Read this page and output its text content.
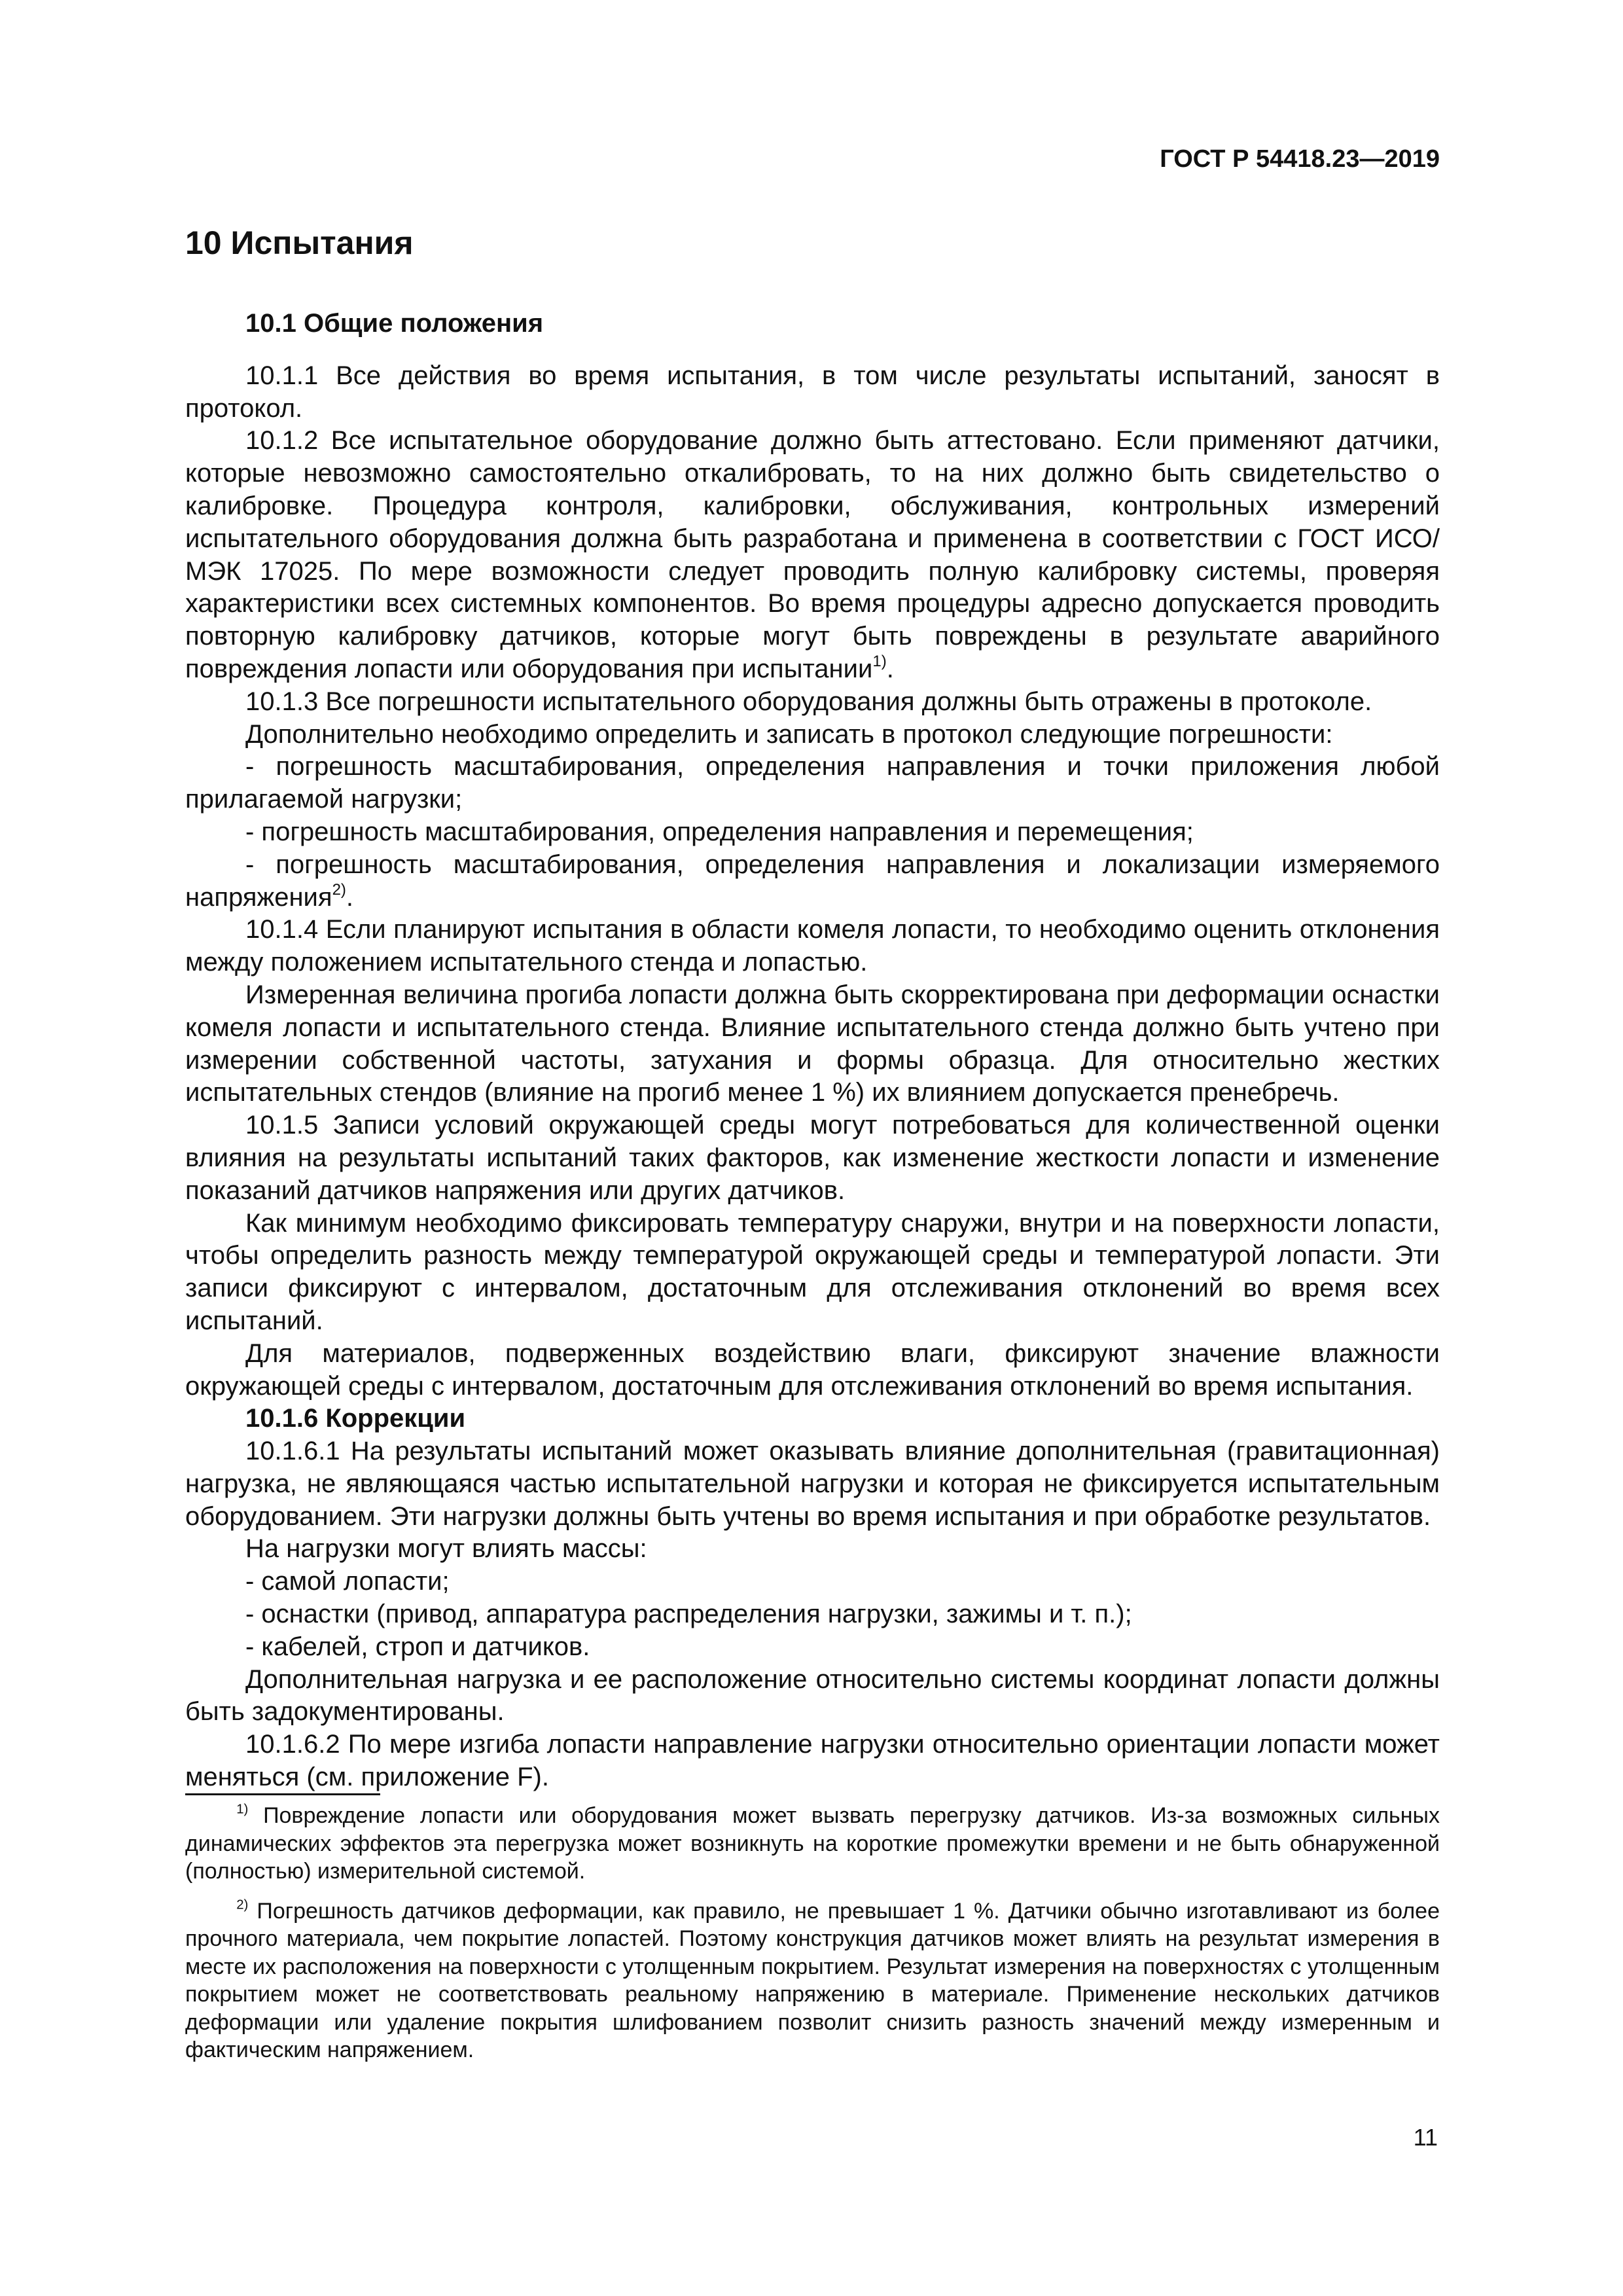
ГОСТ Р 54418.23—2019
10 Испытания

10.1 Общие положения

10.1.1 Все действия во время испытания, в том числе результаты испытаний, заносят в протокол.

10.1.2 Все испытательное оборудование должно быть аттестовано. Если применяют датчики, которые невозможно самостоятельно откалибровать, то на них должно быть свидетельство о калибровке. Процедура контроля, калибровки, обслуживания, контрольных измерений испытательного оборудования должна быть разработана и применена в соответствии с ГОСТ ИСО/МЭК 17025. По мере возможности следует проводить полную калибровку системы, проверяя характеристики всех системных компонентов. Во время процедуры адресно допускается проводить повторную калибровку датчиков, которые могут быть повреждены в результате аварийного повреждения лопасти или оборудования при испытании$^{1)}$.

10.1.3 Все погрешности испытательного оборудования должны быть отражены в протоколе.

Дополнительно необходимо определить и записать в протокол следующие погрешности:

- погрешность масштабирования, определения направления и точки приложения любой прилагаемой нагрузки;

- погрешность масштабирования, определения направления и перемещения;

- погрешность масштабирования, определения направления и локализации измеряемого напряжения$^{2)}$.

10.1.4 Если планируют испытания в области комеля лопасти, то необходимо оценить отклонения между положением испытательного стенда и лопастью.

Измеренная величина прогиба лопасти должна быть скорректирована при деформации оснастки комеля лопасти и испытательного стенда. Влияние испытательного стенда должно быть учтено при измерении собственной частоты, затухания и формы образца. Для относительно жестких испытательных стендов (влияние на прогиб менее 1 %) их влиянием допускается пренебречь.

10.1.5 Записи условий окружающей среды могут потребоваться для количественной оценки влияния на результаты испытаний таких факторов, как изменение жесткости лопасти и изменение показаний датчиков напряжения или других датчиков.

Как минимум необходимо фиксировать температуру снаружи, внутри и на поверхности лопасти, чтобы определить разность между температурой окружающей среды и температурой лопасти. Эти записи фиксируют с интервалом, достаточным для отслеживания отклонений во время всех испытаний.

Для материалов, подверженных воздействию влаги, фиксируют значение влажности окружающей среды с интервалом, достаточным для отслеживания отклонений во время испытания.

10.1.6 Коррекции

10.1.6.1 На результаты испытаний может оказывать влияние дополнительная (гравитационная) нагрузка, не являющаяся частью испытательной нагрузки и которая не фиксируется испытательным оборудованием. Эти нагрузки должны быть учтены во время испытания и при обработке результатов.

На нагрузки могут влиять массы:

- самой лопасти;

- оснастки (привод, аппаратура распределения нагрузки, зажимы и т. п.);

- кабелей, строп и датчиков.

Дополнительная нагрузка и ее расположение относительно системы координат лопасти должны быть задокументированы.

10.1.6.2 По мере изгиба лопасти направление нагрузки относительно ориентации лопасти может меняться (см. приложение F).

$^{1)}$ Повреждение лопасти или оборудования может вызвать перегрузку датчиков. Из-за возможных сильных динамических эффектов эта перегрузка может возникнуть на короткие промежутки времени и не быть обнаруженной (полностью) измерительной системой.

$^{2)}$ Погрешность датчиков деформации, как правило, не превышает 1 %. Датчики обычно изготавливают из более прочного материала, чем покрытие лопастей. Поэтому конструкция датчиков может влиять на результат измерения в месте их расположения на поверхности с утолщенным покрытием. Результат измерения на поверхностях с утолщенным покрытием может не соответствовать реальному напряжению в материале. Применение нескольких датчиков деформации или удаление покрытия шлифованием позволит снизить разность значений между измеренным и фактическим напряжением.

11
